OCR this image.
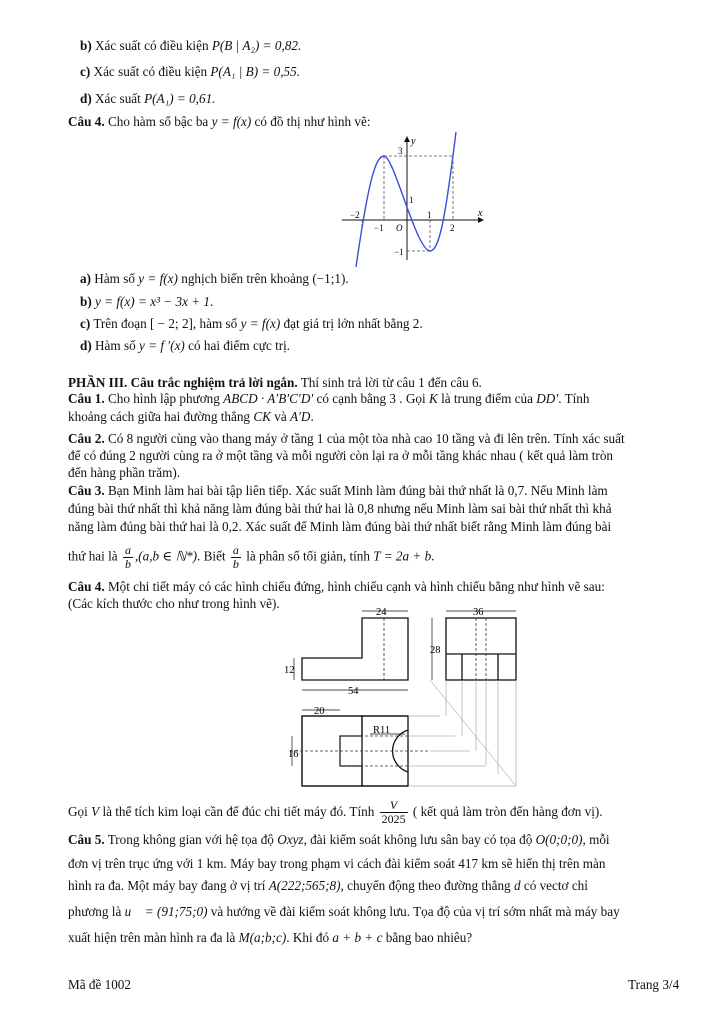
b) Xác suất có điều kiện P(B | A₂) = 0,82.
c) Xác suất có điều kiện P(A₁ | B) = 0,55.
d) Xác suất P(A₁) = 0,61.
Câu 4. Cho hàm số bậc ba y = f(x) có đồ thị như hình vẽ:
x
y
O
−2
−1
1
2
3
1
−1
a) Hàm số y = f(x) nghịch biến trên khoảng (−1;1).
b) y = f(x) = x³ − 3x + 1.
c) Trên đoạn [ − 2; 2], hàm số y = f(x) đạt giá trị lớn nhất bằng 2.
d) Hàm số y = f ′(x) có hai điểm cực trị.
PHẦN III. Câu trắc nghiệm trả lời ngắn. Thí sinh trả lời từ câu 1 đến câu 6.
Câu 1. Cho hình lập phương ABCD · A′B′C′D′ có cạnh bằng 3 . Gọi K là trung điểm của DD′. Tính
khoảng cách giữa hai đường thẳng CK và A′D.
Câu 2. Có 8 người cùng vào thang máy ở tầng 1 của một tòa nhà cao 10 tầng và đi lên trên. Tính xác suất
để có đúng 2 người cùng ra ở một tầng và mỗi người còn lại ra ở mỗi tầng khác nhau ( kết quả làm tròn
đến hàng phần trăm).
Câu 3. Bạn Minh làm hai bài tập liên tiếp. Xác suất Minh làm đúng bài thứ nhất là 0,7. Nếu Minh làm
đúng bài thứ nhất thì khả năng làm đúng bài thứ hai là 0,8 nhưng nếu Minh làm sai bài thứ nhất thì khả
năng làm đúng bài thứ hai là 0,2. Xác suất để Minh làm đúng bài thứ nhất biết rằng Minh làm đúng bài
thứ hai là $\frac{a}{b} ,(a,b$ ∈ ℕ*). Biết $\frac{a}{b}$ là phân số tối giản, tính T = 2a + b.
Câu 4. Một chi tiết máy có các hình chiếu đứng, hình chiếu cạnh và hình chiếu bằng như hình vẽ sau:
(Các kích thước cho như trong hình vẽ).
24	36
28
12
54
20
R11
16
Gọi V là thể tích kim loại cần để đúc chi tiết máy đó. Tính $\frac{V}{2025}$ ( kết quả làm tròn đến hàng đơn vị).
Câu 5. Trong không gian với hệ tọa độ Oxyz, đài kiểm soát không lưu sân bay có tọa độ O(0;0;0), mỗi
đơn vị trên trục ứng với 1 km. Máy bay trong phạm vi cách đài kiểm soát 417 km sẽ hiển thị trên màn
hình ra đa. Một máy bay đang ở vị trí A(222;565;8), chuyển động theo đường thẳng d có vectơ chỉ
phương là u⃗ = (91;75;0) và hướng về đài kiểm soát không lưu. Tọa độ của vị trí sớm nhất mà máy bay
xuất hiện trên màn hình ra đa là M(a;b;c). Khi đó a + b + c bằng bao nhiêu?
Mã đề 1002	Trang 3/4
